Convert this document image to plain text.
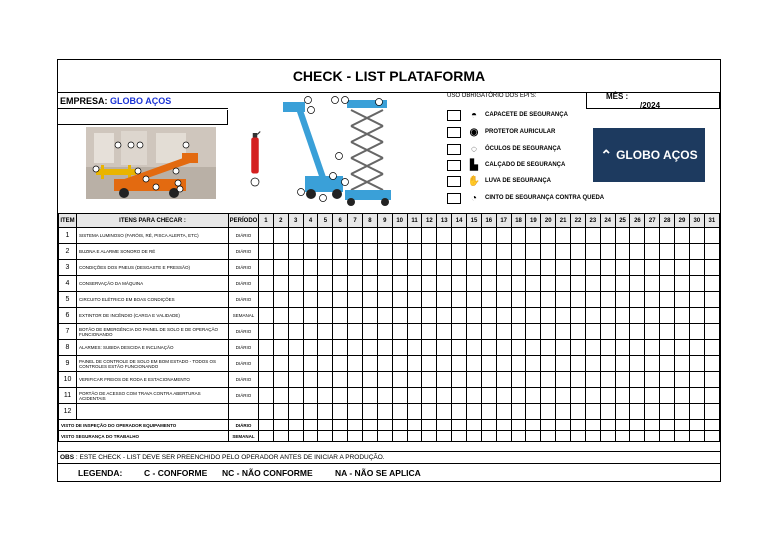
CHECK - LIST PLATAFORMA
EMPRESA: GLOBO AÇOS	USO OBRIGATÓRIO DOS EPI'S:
◓	CAPACETE DE SEGURANÇA
◉	PROTETOR AURICULAR
◌	ÓCULOS DE SEGURANÇA
▙	CALÇADO DE SEGURANÇA
✋ LUVA DE SEGURANÇA
◔	CINTO DE SEGURANÇA CONTRA QUEDA
MÊS :
/2024
⌃ GLOBO AÇOS
ITEM	ITENS PARA CHECAR :	PERÍODO	1	2	3	4	5	6	7	8	9	10	11	12	13	14	15	16	17	18	19	20	21	22	23	24	25	26	27	28	29	30	31
1	SISTEMA LUMINOSO (FARÓIS, RÉ, PISCA ALERTA, ETC)	DIÁRIO																															
2	BUZINA E ALARME SONORO DE RÉ	DIÁRIO																															
3	CONDIÇÕES DOS PNEUS (DESGASTE E PRESSÃO)	DIÁRIO																															
4	CONSERVAÇÃO DA MÁQUINA	DIÁRIO																															
5	CIRCUITO ELÉTRICO EM BOAS CONDIÇÕES	DIÁRIO																															
6	EXTINTOR DE INCÊNDIO (CARGA E VALIDADE)	SEMANAL																															
7	BOTÃO DE EMERGÊNCIA DO PAINEL DE SOLO E DE OPERAÇÃO FUNCIONANDO	DIÁRIO																															
8	ALARMES: SUBIDA DESCIDA E INCLINAÇÃO	DIÁRIO																															
9	PAINEL DE CONTROLE DE SOLO EM BOM ESTADO - TODOS OS CONTROLES ESTÃO FUNCIONANDO	DIÁRIO																															
10	VERIFICAR FREIOS DE RODA E ESTACIONAMENTO	DIÁRIO																															
11	PORTÃO DE ACESSO COM TRAVA CONTRA ABERTURAS ACIDENTAIS	DIÁRIO																															
12																																	
VISTO DE INSPEÇÃO DO OPERADOR EQUIPAMENTO		DIÁRIO																															
VISTO SEGURANÇA DO TRABALHO		SEMANAL																															
OBS : ESTE CHECK - LIST DEVE SER PREENCHIDO PELO OPERADOR ANTES DE INICIAR A PRODUÇÃO.
LEGENDA:	C - CONFORME NC - NÃO CONFORME	NA - NÃO SE APLICA
